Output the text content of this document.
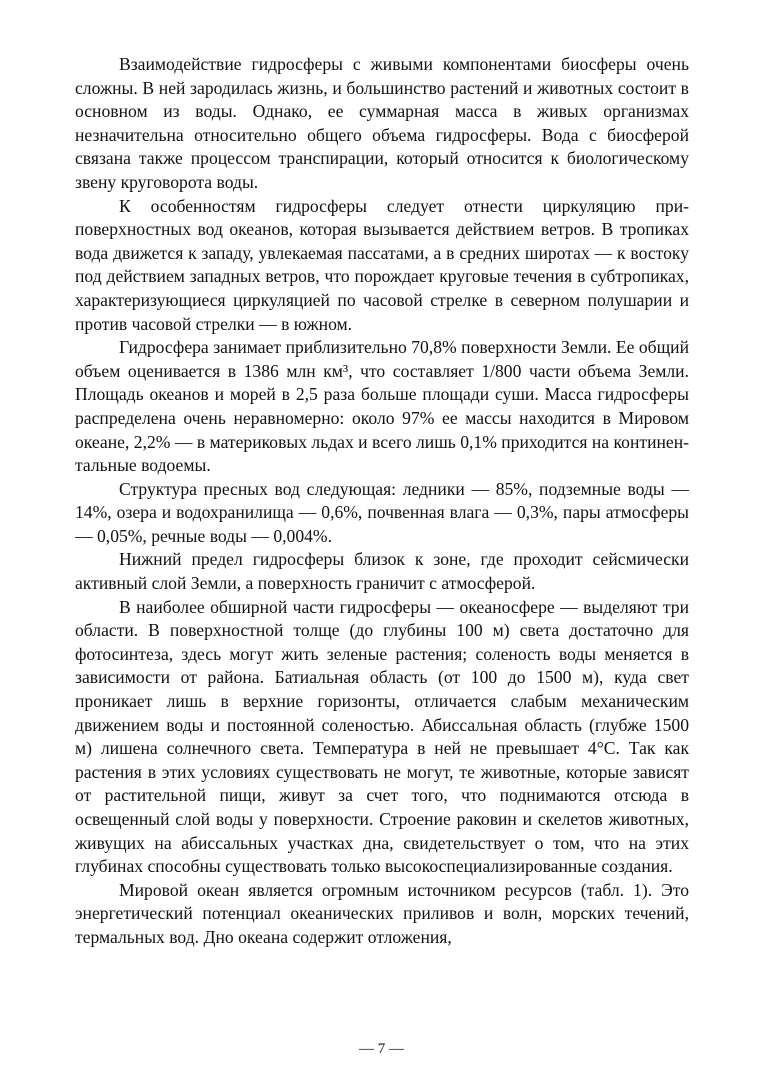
Взаимодействие гидросферы с живыми компонентами биосферы очень сложны. В ней зародилась жизнь, и большинство растений и животных состоит в основном из воды. Однако, ее суммарная масса в живых организмах незначительна относительно общего объема гидросферы. Вода с биосферой связана также процессом транспирации, который относится к биологическому звену круговорота воды.

К особенностям гидросферы следует отнести циркуляцию приповерхностных вод океанов, которая вызывается действием ветров. В тропиках вода движется к западу, увлекаемая пассатами, а в средних широтах — к востоку под действием западных ветров, что порождает круговые течения в субтропиках, характеризующиеся циркуляцией по часовой стрелке в северном полушарии и против часовой стрелки — в южном.

Гидросфера занимает приблизительно 70,8% поверхности Земли. Ее общий объем оценивается в 1386 млн км³, что составляет 1/800 части объема Земли. Площадь океанов и морей в 2,5 раза больше площади суши. Масса гидросферы распределена очень неравномерно: около 97% ее массы находится в Мировом океане, 2,2% — в материковых льдах и всего лишь 0,1% приходится на континентальные водоемы.

Структура пресных вод следующая: ледники — 85%, подземные воды — 14%, озера и водохранилища — 0,6%, почвенная влага — 0,3%, пары атмосферы — 0,05%, речные воды — 0,004%.

Нижний предел гидросферы близок к зоне, где проходит сейсмически активный слой Земли, а поверхность граничит с атмосферой.

В наиболее обширной части гидросферы — океаносфере — выделяют три области. В поверхностной толще (до глубины 100 м) света достаточно для фотосинтеза, здесь могут жить зеленые растения; соленость воды меняется в зависимости от района. Батиальная область (от 100 до 1500 м), куда свет проникает лишь в верхние горизонты, отличается слабым механическим движением воды и постоянной соленостью. Абиссальная область (глубже 1500 м) лишена солнечного света. Температура в ней не превышает 4°C. Так как растения в этих условиях существовать не могут, те животные, которые зависят от растительной пищи, живут за счет того, что поднимаются отсюда в освещенный слой воды у поверхности. Строение раковин и скелетов животных, живущих на абиссальных участках дна, свидетельствует о том, что на этих глубинах способны существовать только высокоспециализированные создания.

Мировой океан является огромным источником ресурсов (табл. 1). Это энергетический потенциал океанических приливов и волн, морских течений, термальных вод. Дно океана содержит отложения,

— 7 —
